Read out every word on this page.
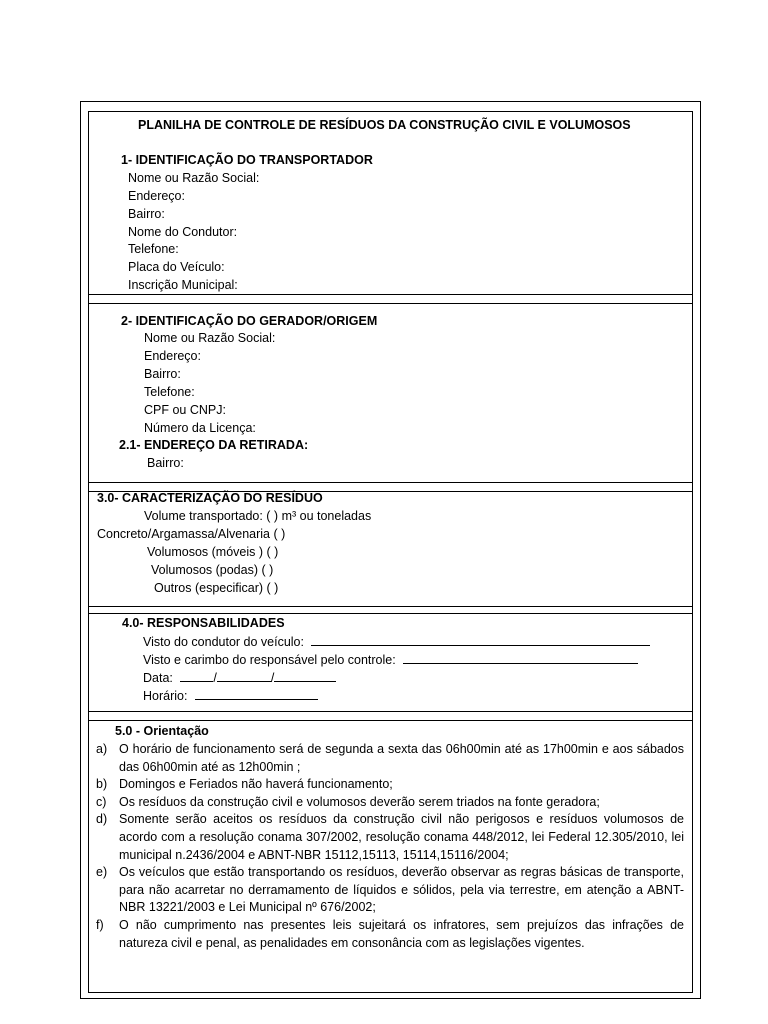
PLANILHA DE CONTROLE DE RESÍDUOS DA CONSTRUÇÃO CIVIL E VOLUMOSOS
1- IDENTIFICAÇÃO DO TRANSPORTADOR
Nome ou Razão Social:
Endereço:
Bairro:
Nome do Condutor:
Telefone:
Placa do Veículo:
Inscrição Municipal:
2- IDENTIFICAÇÃO DO GERADOR/ORIGEM
Nome ou Razão Social:
Endereço:
Bairro:
Telefone:
CPF ou CNPJ:
Número da Licença:
2.1- ENDEREÇO DA RETIRADA:
Bairro:
3.0- CARACTERIZAÇÃO DO RESÍDUO
Volume transportado: ( ) m³ ou toneladas
Concreto/Argamassa/Alvenaria ( )
Volumosos (móveis ) ( )
Volumosos (podas) ( )
Outros (especificar) ( )
4.0- RESPONSABILIDADES
Visto do condutor do veículo:
Visto e carimbo do responsável pelo controle:
Data:	/	/
Horário:
5.0 - Orientação

a) O horário de funcionamento será de segunda a sexta das 06h00min até as 17h00min e aos sábados das 06h00min até as 12h00min ;

b) Domingos e Feriados não haverá funcionamento;

c) Os resíduos da construção civil e volumosos deverão serem triados na fonte geradora;

d) Somente serão aceitos os resíduos da construção civil não perigosos e resíduos volumosos de acordo com a resolução conama 307/2002, resolução conama 448/2012, lei Federal 12.305/2010, lei municipal n.2436/2004 e ABNT-NBR 15112,15113, 15114,15116/2004;

e) Os veículos que estão transportando os resíduos, deverão observar as regras básicas de transporte, para não acarretar no derramamento de líquidos e sólidos, pela via terrestre, em atenção a ABNT-NBR 13221/2003 e Lei Municipal nº 676/2002;

f) O não cumprimento nas presentes leis sujeitará os infratores, sem prejuízos das infrações de natureza civil e penal, as penalidades em consonância com as legislações vigentes.
